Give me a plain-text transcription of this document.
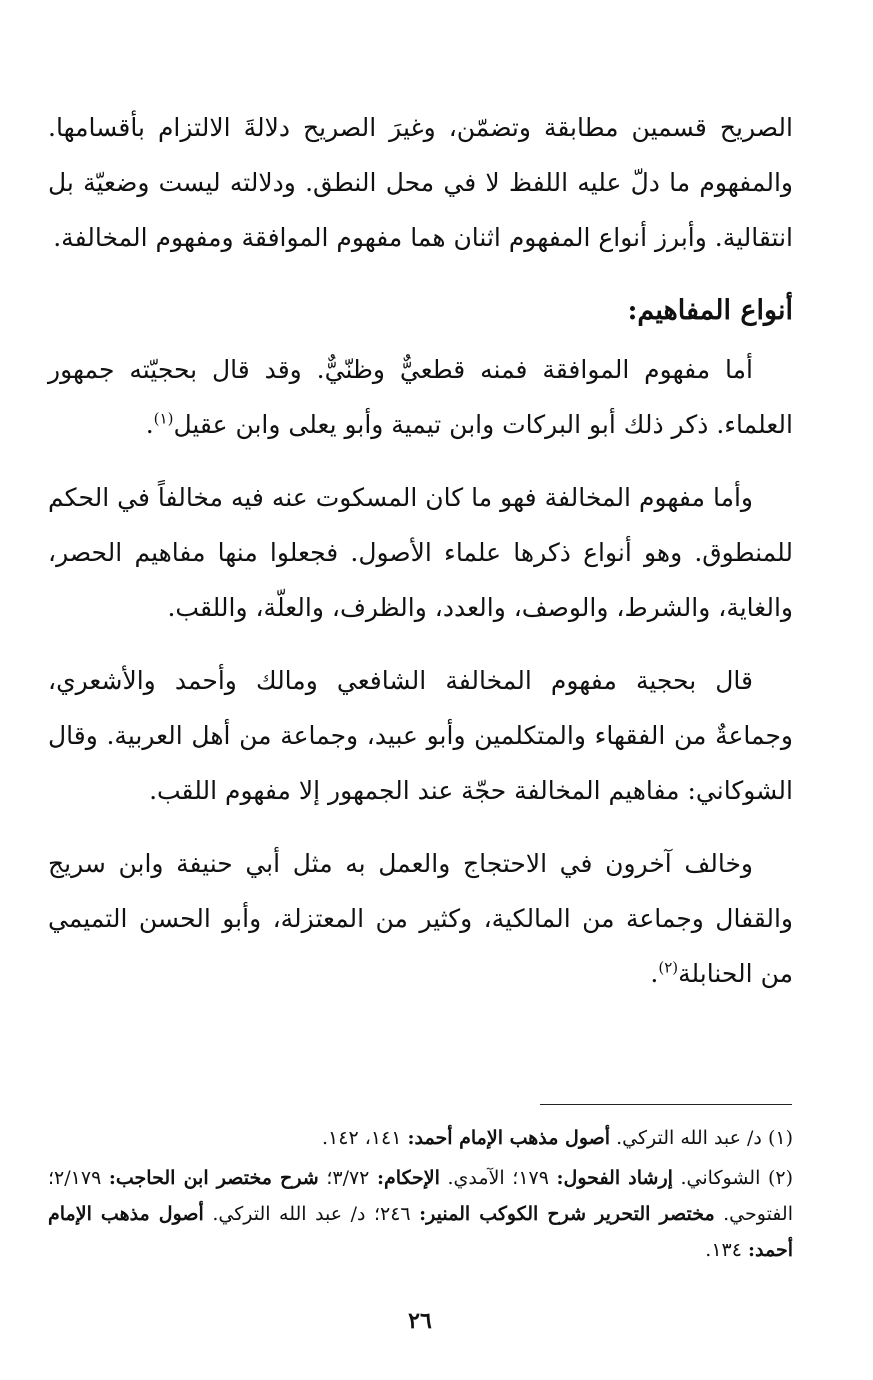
الصريح قسمين مطابقة وتضمّن، وغيرَ الصريح دلالةَ الالتزام بأقسامها. والمفهوم ما دلّ عليه اللفظ لا في محل النطق. ودلالته ليست وضعيّة بل انتقالية. وأبرز أنواع المفهوم اثنان هما مفهوم الموافقة ومفهوم المخالفة.

أنواع المفاهيم:

أما مفهوم الموافقة فمنه قطعيٌّ وظنّيٌّ. وقد قال بحجيّته جمهور العلماء. ذكر ذلك أبو البركات وابن تيمية وأبو يعلى وابن عقيل$^{(١)}$.

وأما مفهوم المخالفة فهو ما كان المسكوت عنه فيه مخالفاً في الحكم للمنطوق. وهو أنواع ذكرها علماء الأصول. فجعلوا منها مفاهيم الحصر، والغاية، والشرط، والوصف، والعدد، والظرف، والعلّة، واللقب.

قال بحجية مفهوم المخالفة الشافعي ومالك وأحمد والأشعري، وجماعةٌ من الفقهاء والمتكلمين وأبو عبيد، وجماعة من أهل العربية. وقال الشوكاني: مفاهيم المخالفة حجّة عند الجمهور إلا مفهوم اللقب.

وخالف آخرون في الاحتجاج والعمل به مثل أبي حنيفة وابن سريج والقفال وجماعة من المالكية، وكثير من المعتزلة، وأبو الحسن التميمي من الحنابلة$^{(٢)}$.

(١) د/ عبد الله التركي. أصول مذهب الإمام أحمد: ١٤١، ١٤٢.

(٢) الشوكاني. إرشاد الفحول: ١٧٩؛ الآمدي. الإحكام: ٣/٧٢؛ شرح مختصر ابن الحاجب: ٢/١٧٩؛ الفتوحي. مختصر التحرير شرح الكوكب المنير: ٢٤٦؛ د/ عبد الله التركي. أصول مذهب الإمام أحمد: ١٣٤.

٢٦
